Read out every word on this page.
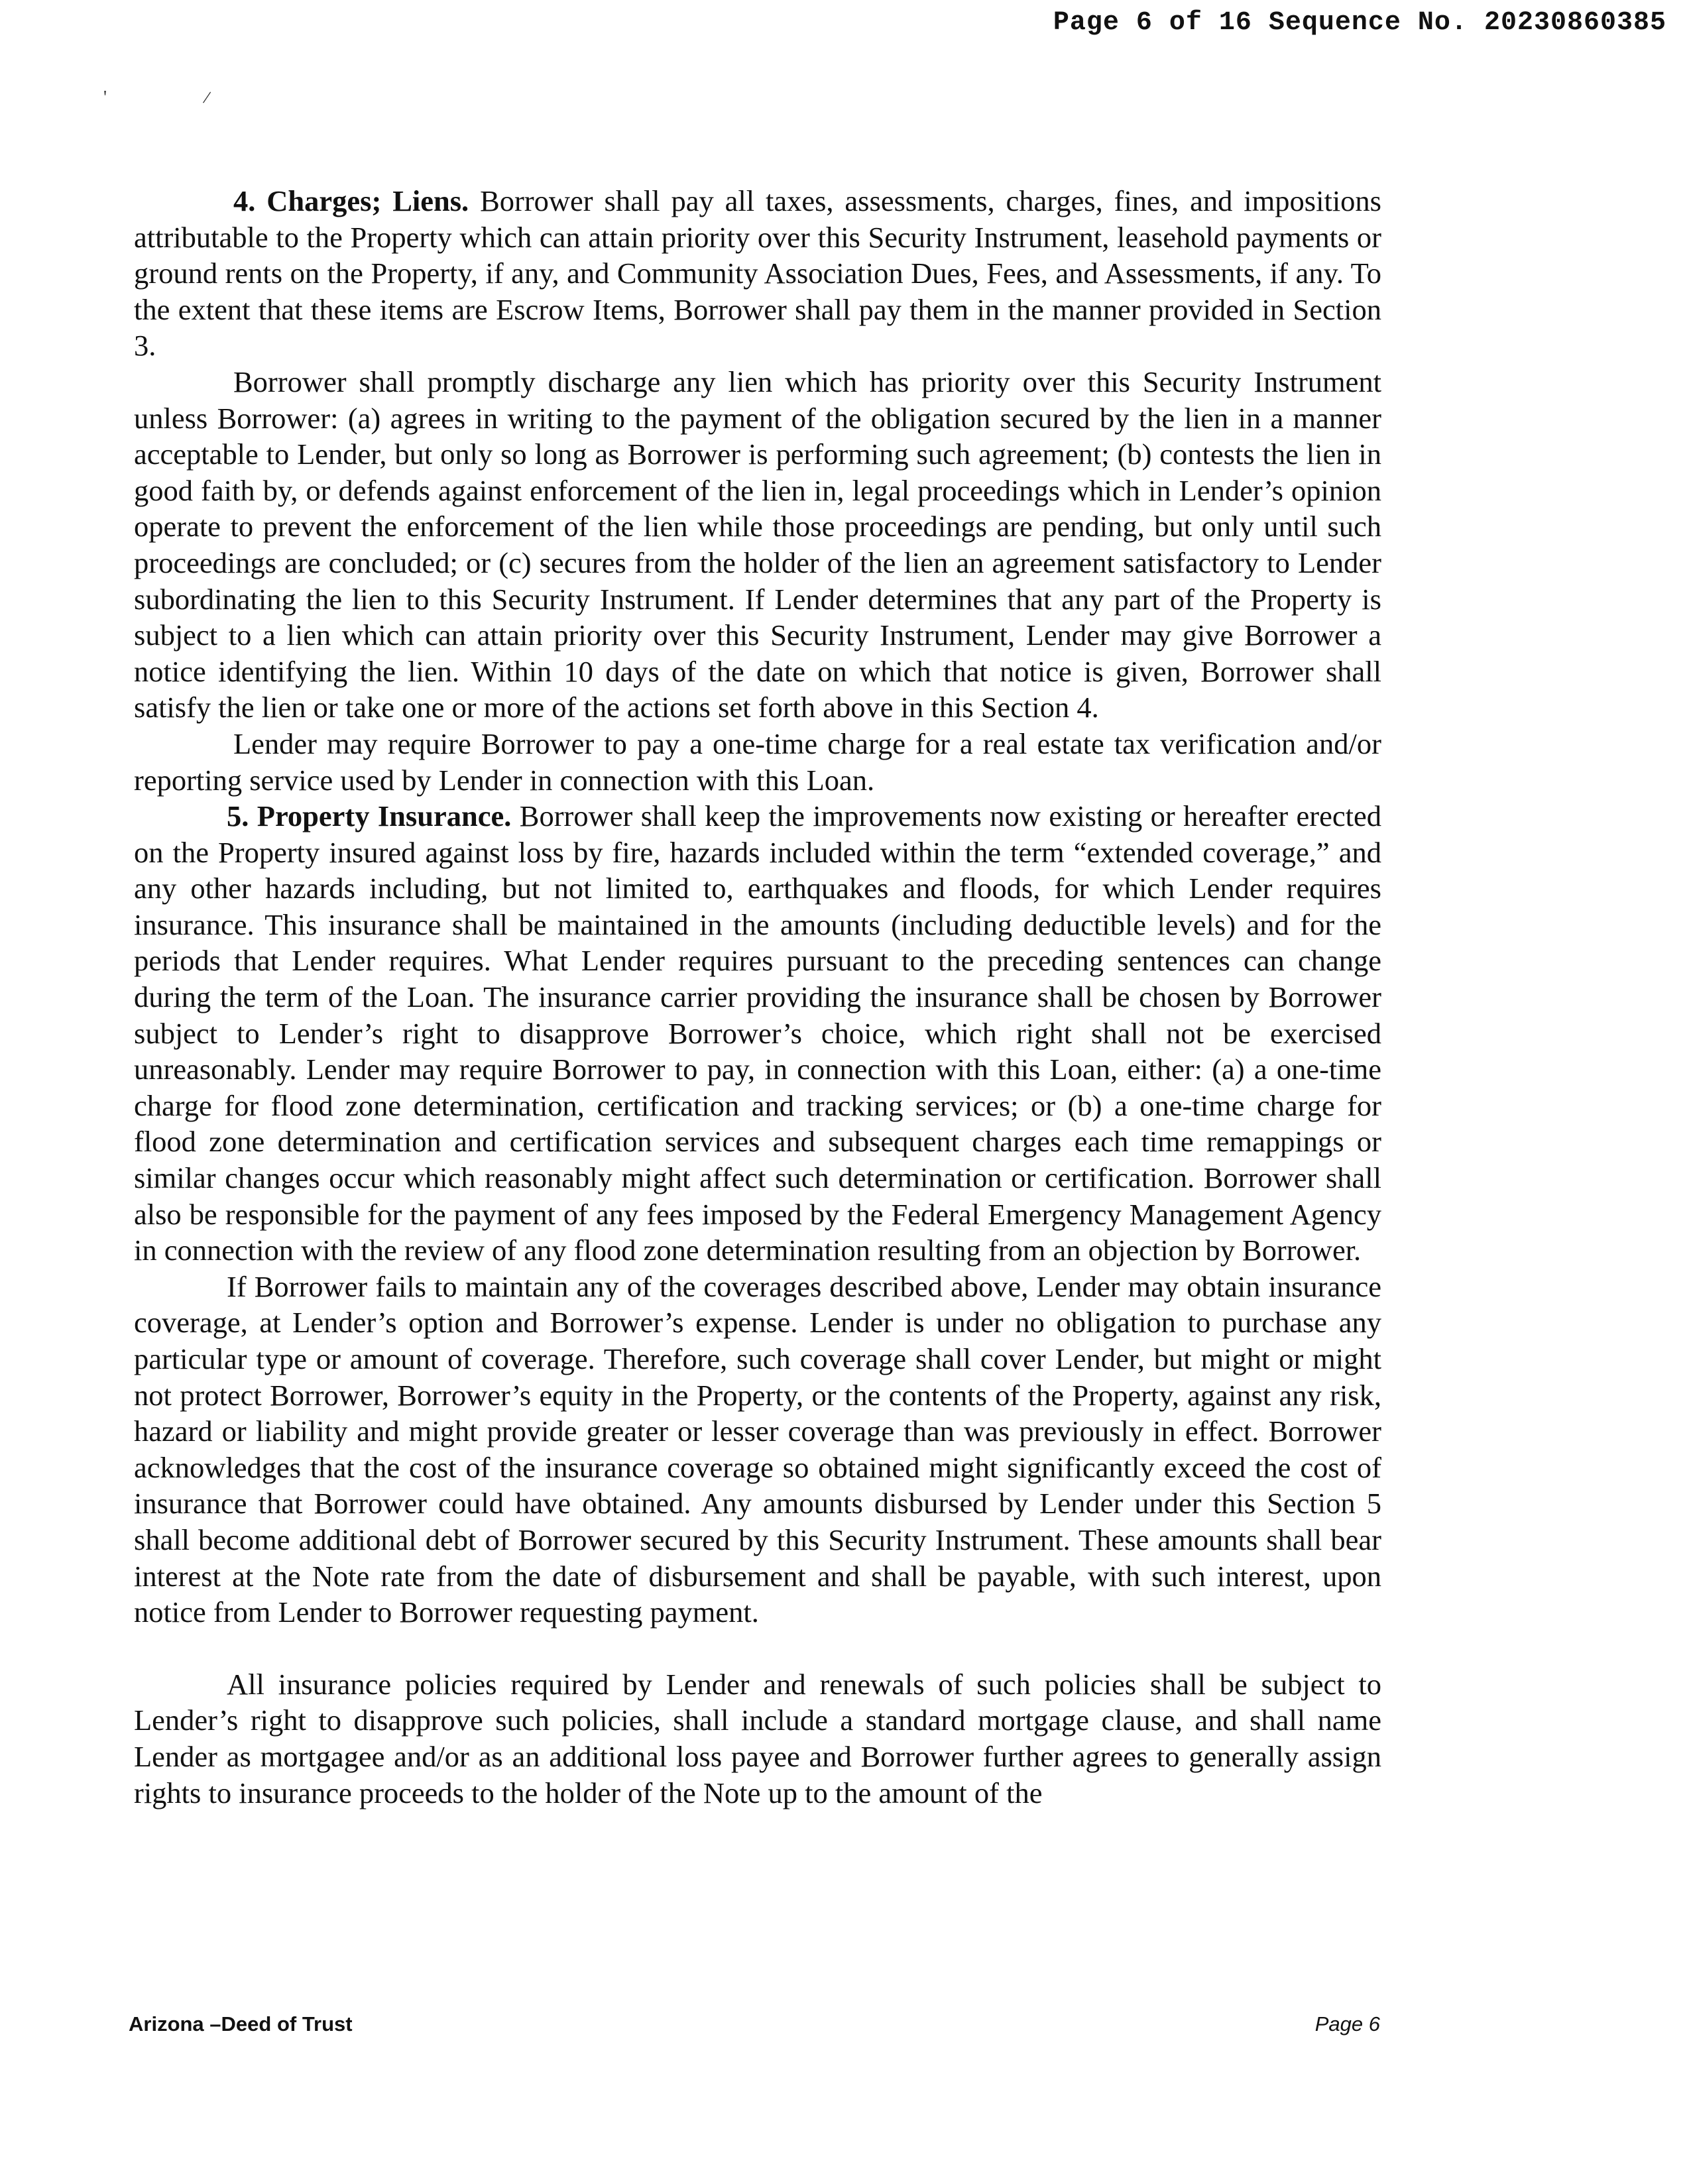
Page 6 of 16 Sequence No. 20230860385
'	/

4. Charges; Liens. Borrower shall pay all taxes, assessments, charges, fines, and impositions attributable to the Property which can attain priority over this Security Instrument, leasehold payments or ground rents on the Property, if any, and Community Association Dues, Fees, and Assessments, if any. To the extent that these items are Escrow Items, Borrower shall pay them in the manner provided in Section 3.

Borrower shall promptly discharge any lien which has priority over this Security Instrument unless Borrower: (a) agrees in writing to the payment of the obligation secured by the lien in a manner acceptable to Lender, but only so long as Borrower is performing such agreement; (b) contests the lien in good faith by, or defends against enforcement of the lien in, legal proceedings which in Lender’s opinion operate to prevent the enforcement of the lien while those proceedings are pending, but only until such proceedings are concluded; or (c) secures from the holder of the lien an agreement satisfactory to Lender subordinating the lien to this Security Instrument. If Lender determines that any part of the Property is subject to a lien which can attain priority over this Security Instrument, Lender may give Borrower a notice identifying the lien. Within 10 days of the date on which that notice is given, Borrower shall satisfy the lien or take one or more of the actions set forth above in this Section 4.

Lender may require Borrower to pay a one-time charge for a real estate tax verification and/or reporting service used by Lender in connection with this Loan.

5. Property Insurance. Borrower shall keep the improvements now existing or hereafter erected on the Property insured against loss by fire, hazards included within the term “extended coverage,” and any other hazards including, but not limited to, earthquakes and floods, for which Lender requires insurance. This insurance shall be maintained in the amounts (including deductible levels) and for the periods that Lender requires. What Lender requires pursuant to the preceding sentences can change during the term of the Loan. The insurance carrier providing the insurance shall be chosen by Borrower subject to Lender’s right to disapprove Borrower’s choice, which right shall not be exercised unreasonably. Lender may require Borrower to pay, in connection with this Loan, either: (a) a one-time charge for flood zone determination, certification and tracking services; or (b) a one-time charge for flood zone determination and certification services and subsequent charges each time remappings or similar changes occur which reasonably might affect such determination or certification. Borrower shall also be responsible for the payment of any fees imposed by the Federal Emergency Management Agency in connection with the review of any flood zone determination resulting from an objection by Borrower.

If Borrower fails to maintain any of the coverages described above, Lender may obtain insurance coverage, at Lender’s option and Borrower’s expense. Lender is under no obligation to purchase any particular type or amount of coverage. Therefore, such coverage shall cover Lender, but might or might not protect Borrower, Borrower’s equity in the Property, or the contents of the Property, against any risk, hazard or liability and might provide greater or lesser coverage than was previously in effect. Borrower acknowledges that the cost of the insurance coverage so obtained might significantly exceed the cost of insurance that Borrower could have obtained. Any amounts disbursed by Lender under this Section 5 shall become additional debt of Borrower secured by this Security Instrument. These amounts shall bear interest at the Note rate from the date of disbursement and shall be payable, with such interest, upon notice from Lender to Borrower requesting payment.

All insurance policies required by Lender and renewals of such policies shall be subject to Lender’s right to disapprove such policies, shall include a standard mortgage clause, and shall name Lender as mortgagee and/or as an additional loss payee and Borrower further agrees to generally assign rights to insurance proceeds to the holder of the Note up to the amount of the

Arizona –Deed of Trust	Page 6
